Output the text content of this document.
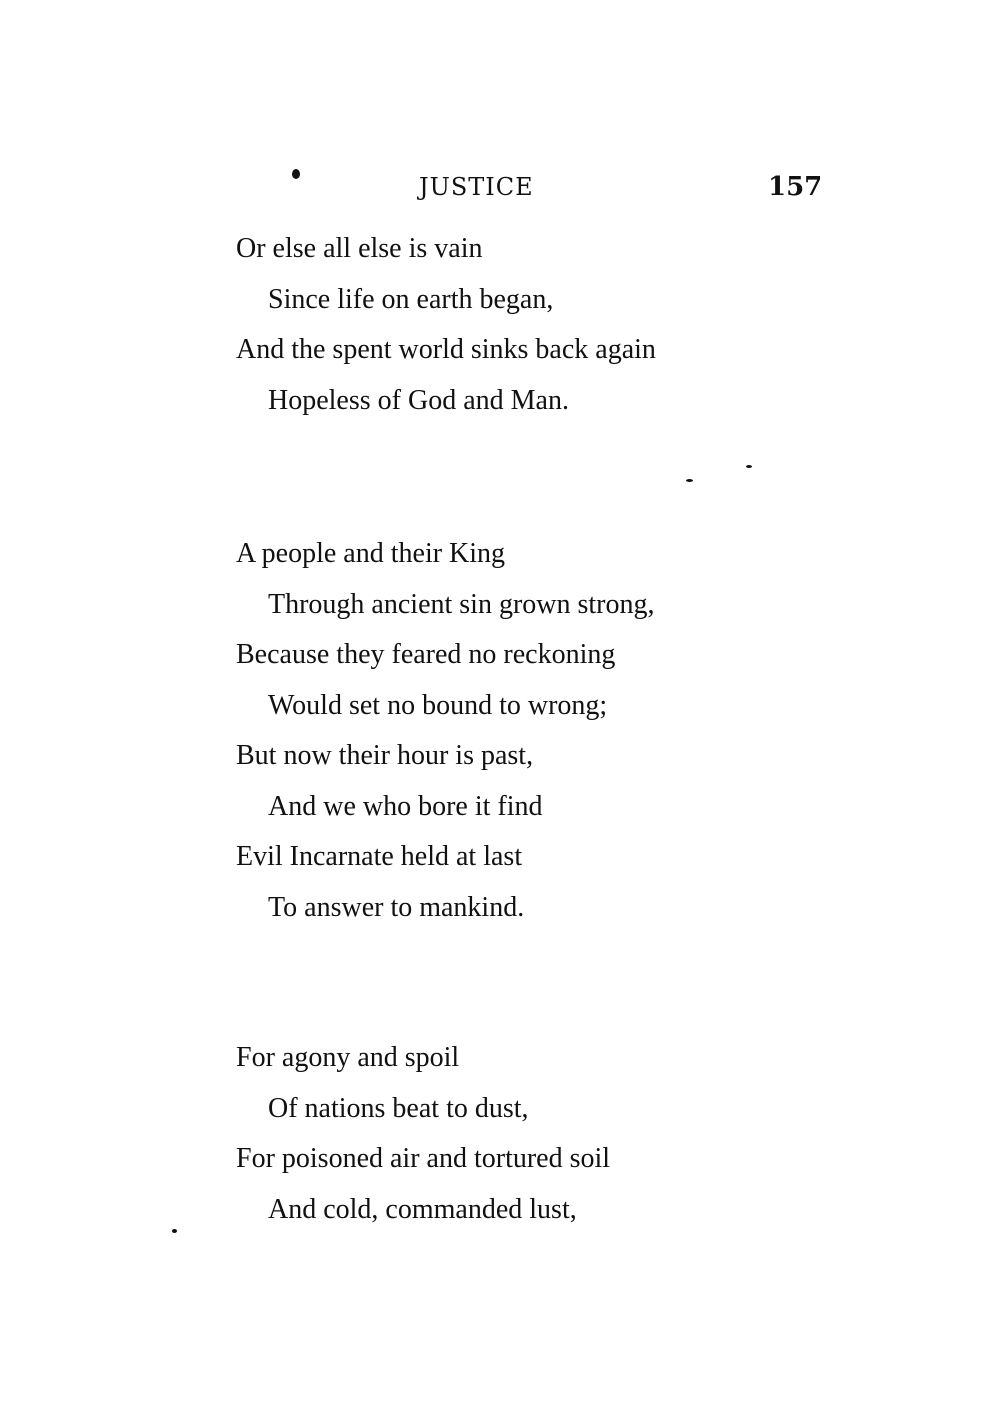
JUSTICE	157
Or else all else is vain
Since life on earth began,
And the spent world sinks back again
Hopeless of God and Man.
A people and their King
Through ancient sin grown strong,
Because they feared no reckoning
Would set no bound to wrong;
But now their hour is past,
And we who bore it find
Evil Incarnate held at last
To answer to mankind.
For agony and spoil
Of nations beat to dust,
For poisoned air and tortured soil
And cold, commanded lust,
